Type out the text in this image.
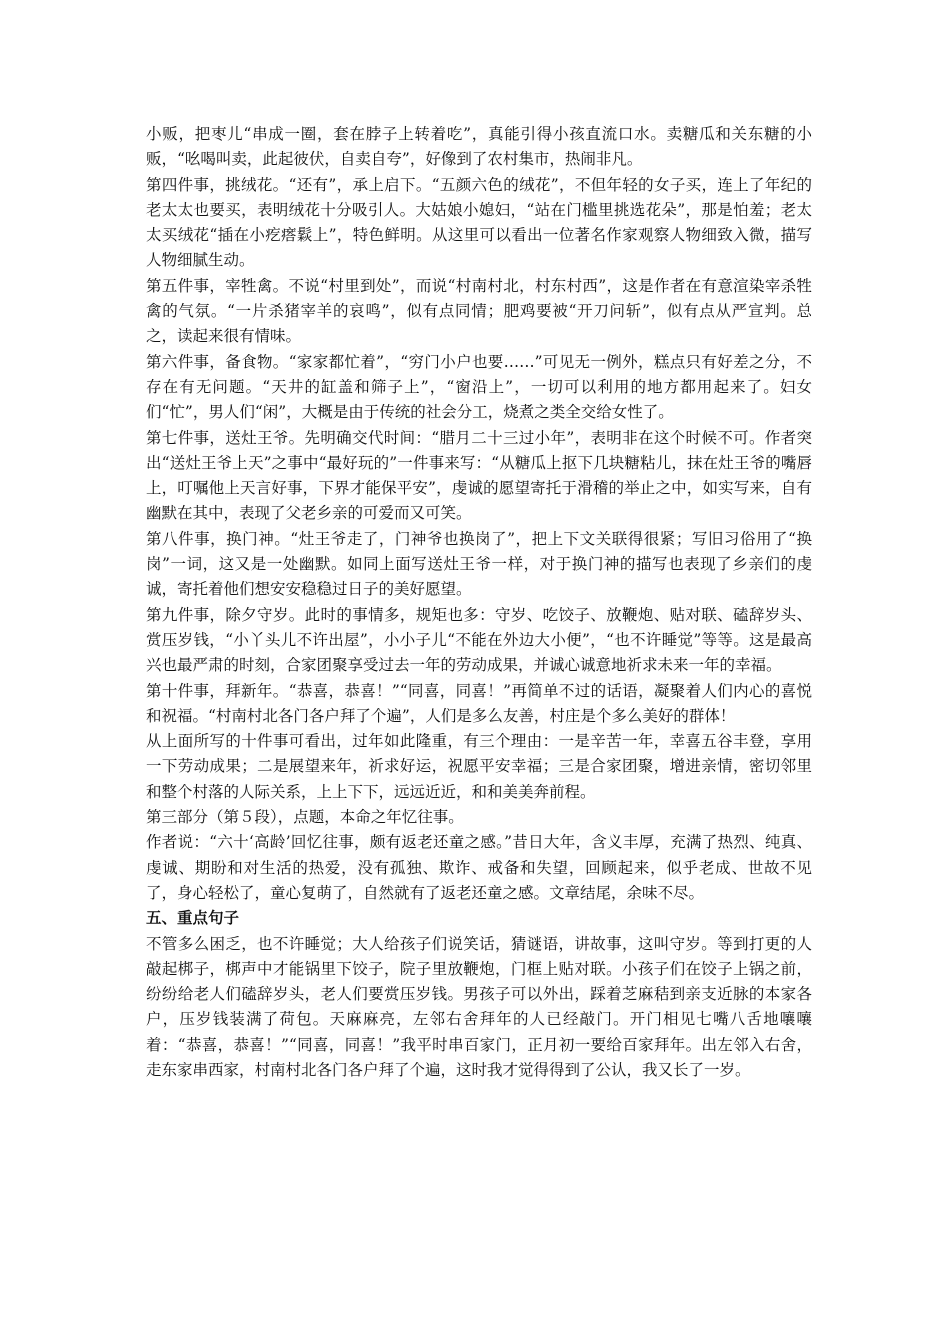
小贩，把枣儿“串成一圈，套在脖子上转着吃”，真能引得小孩直流口水。卖糖瓜和关东糖的小贩，“吆喝叫卖，此起彼伏，自卖自夸”，好像到了农村集市，热闹非凡。

第四件事，挑绒花。“还有”，承上启下。“五颜六色的绒花”，不但年轻的女子买，连上了年纪的老太太也要买，表明绒花十分吸引人。大姑娘小媳妇，“站在门槛里挑选花朵”，那是怕羞；老太太买绒花“插在小疙瘩鬏上”，特色鲜明。从这里可以看出一位著名作家观察人物细致入微，描写人物细腻生动。

第五件事，宰牲禽。不说“村里到处”，而说“村南村北，村东村西”，这是作者在有意渲染宰杀牲禽的气氛。“一片杀猪宰羊的哀鸣”，似有点同情；肥鸡要被“开刀问斩”，似有点从严宣判。总之，读起来很有情味。

第六件事，备食物。“家家都忙着”，“穷门小户也要……”可见无一例外，糕点只有好差之分，不存在有无问题。“天井的缸盖和筛子上”，“窗沿上”，一切可以利用的地方都用起来了。妇女们“忙”，男人们“闲”，大概是由于传统的社会分工，烧煮之类全交给女性了。

第七件事，送灶王爷。先明确交代时间：“腊月二十三过小年”，表明非在这个时候不可。作者突出“送灶王爷上天”之事中“最好玩的”一件事来写：“从糖瓜上抠下几块糖粘儿，抹在灶王爷的嘴唇上，叮嘱他上天言好事，下界才能保平安”，虔诚的愿望寄托于滑稽的举止之中，如实写来，自有幽默在其中，表现了父老乡亲的可爱而又可笑。

第八件事，换门神。“灶王爷走了，门神爷也换岗了”，把上下文关联得很紧；写旧习俗用了“换岗”一词，这又是一处幽默。如同上面写送灶王爷一样，对于换门神的描写也表现了乡亲们的虔诚，寄托着他们想安安稳稳过日子的美好愿望。

第九件事，除夕守岁。此时的事情多，规矩也多：守岁、吃饺子、放鞭炮、贴对联、磕辞岁头、赏压岁钱，“小丫头儿不许出屋”，小小子儿“不能在外边大小便”，“也不许睡觉”等等。这是最高兴也最严肃的时刻，合家团聚享受过去一年的劳动成果，并诚心诚意地祈求未来一年的幸福。

第十件事，拜新年。“恭喜，恭喜！”“同喜，同喜！”再简单不过的话语，凝聚着人们内心的喜悦和祝福。“村南村北各门各户拜了个遍”，人们是多么友善，村庄是个多么美好的群体！

从上面所写的十件事可看出，过年如此隆重，有三个理由：一是辛苦一年，幸喜五谷丰登，享用一下劳动成果；二是展望来年，祈求好运，祝愿平安幸福；三是合家团聚，增进亲情，密切邻里和整个村落的人际关系，上上下下，远远近近，和和美美奔前程。

第三部分（第５段），点题，本命之年忆往事。

作者说：“六十‘高龄’回忆往事，颇有返老还童之感。”昔日大年，含义丰厚，充满了热烈、纯真、虔诚、期盼和对生活的热爱，没有孤独、欺诈、戒备和失望，回顾起来，似乎老成、世故不见了，身心轻松了，童心复萌了，自然就有了返老还童之感。文章结尾，余味不尽。

五、重点句子

不管多么困乏，也不许睡觉；大人给孩子们说笑话，猜谜语，讲故事，这叫守岁。等到打更的人敲起梆子，梆声中才能锅里下饺子，院子里放鞭炮，门框上贴对联。小孩子们在饺子上锅之前，纷纷给老人们磕辞岁头，老人们要赏压岁钱。男孩子可以外出，踩着芝麻秸到亲支近脉的本家各户，压岁钱装满了荷包。天麻麻亮，左邻右舍拜年的人已经敲门。开门相见七嘴八舌地嚷嚷着：“恭喜，恭喜！”“同喜，同喜！”我平时串百家门，正月初一要给百家拜年。出左邻入右舍，走东家串西家，村南村北各门各户拜了个遍，这时我才觉得得到了公认，我又长了一岁。
